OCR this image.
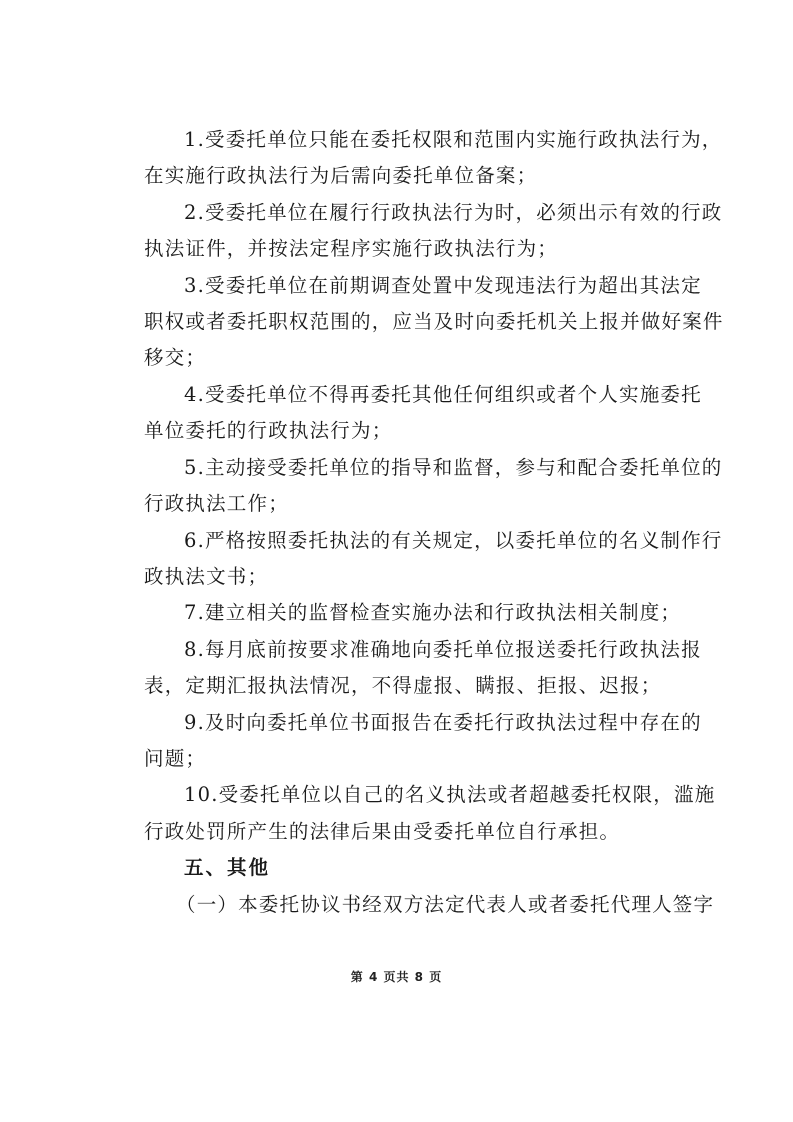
1.受委托单位只能在委托权限和范围内实施行政执法行为，
在实施行政执法行为后需向委托单位备案；
2.受委托单位在履行行政执法行为时，必须出示有效的行政
执法证件，并按法定程序实施行政执法行为；
3.受委托单位在前期调查处置中发现违法行为超出其法定
职权或者委托职权范围的，应当及时向委托机关上报并做好案件
移交；
4.受委托单位不得再委托其他任何组织或者个人实施委托
单位委托的行政执法行为；
5.主动接受委托单位的指导和监督，参与和配合委托单位的
行政执法工作；
6.严格按照委托执法的有关规定，以委托单位的名义制作行
政执法文书；
7.建立相关的监督检查实施办法和行政执法相关制度；
8.每月底前按要求准确地向委托单位报送委托行政执法报
表，定期汇报执法情况，不得虚报、瞒报、拒报、迟报；
9.及时向委托单位书面报告在委托行政执法过程中存在的
问题；
10.受委托单位以自己的名义执法或者超越委托权限，滥施
行政处罚所产生的法律后果由受委托单位自行承担。
五、其他
（一）本委托协议书经双方法定代表人或者委托代理人签字
第 4 页共 8 页
